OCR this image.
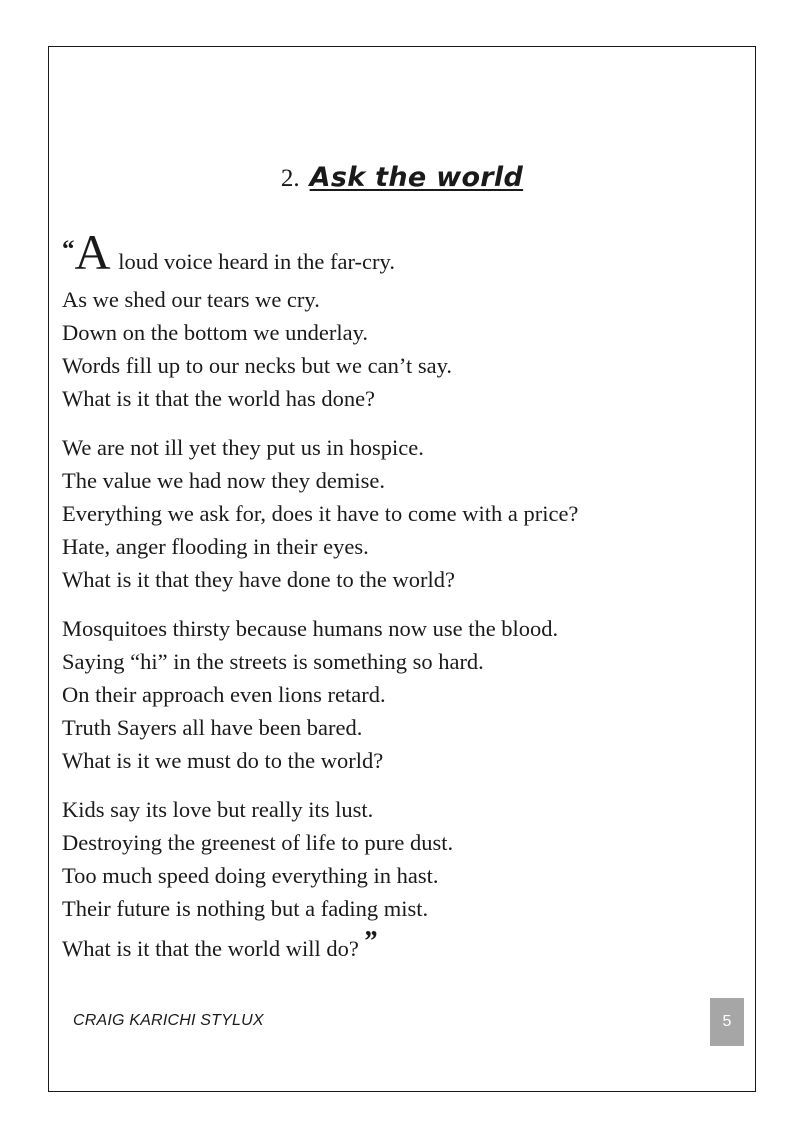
2. Ask the world
“A loud voice heard in the far-cry.
As we shed our tears we cry.
Down on the bottom we underlay.
Words fill up to our necks but we can’t say.
What is it that the world has done?
We are not ill yet they put us in hospice.
The value we had now they demise.
Everything we ask for, does it have to come with a price?
Hate, anger flooding in their eyes.
What is it that they have done to the world?
Mosquitoes thirsty because humans now use the blood.
Saying “hi” in the streets is something so hard.
On their approach even lions retard.
Truth Sayers all have been bared.
What is it we must do to the world?
Kids say its love but really its lust.
Destroying the greenest of life to pure dust.
Too much speed doing everything in hast.
Their future is nothing but a fading mist.
What is it that the world will do? ”
CRAIG KARICHI STYLUX	5
